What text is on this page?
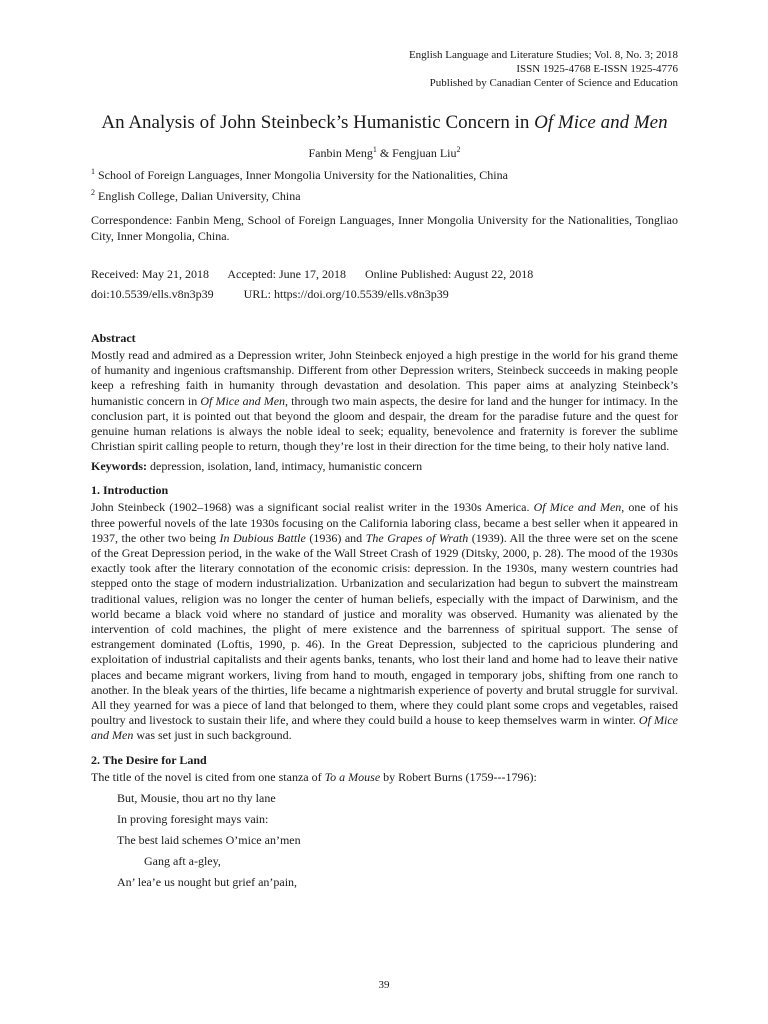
English Language and Literature Studies; Vol. 8, No. 3; 2018
ISSN 1925-4768 E-ISSN 1925-4776
Published by Canadian Center of Science and Education
An Analysis of John Steinbeck’s Humanistic Concern in Of Mice and Men
Fanbin Meng$^1$ & Fengjuan Liu$^2$
$^1$ School of Foreign Languages, Inner Mongolia University for the Nationalities, China
$^2$ English College, Dalian University, China
Correspondence: Fanbin Meng, School of Foreign Languages, Inner Mongolia University for the Nationalities, Tongliao City, Inner Mongolia, China.
Received: May 21, 2018 Accepted: June 17, 2018 Online Published: August 22, 2018
doi:10.5539/ells.v8n3p39	URL: https://doi.org/10.5539/ells.v8n3p39
Abstract

Mostly read and admired as a Depression writer, John Steinbeck enjoyed a high prestige in the world for his grand theme of humanity and ingenious craftsmanship. Different from other Depression writers, Steinbeck succeeds in making people keep a refreshing faith in humanity through devastation and desolation. This paper aims at analyzing Steinbeck’s humanistic concern in Of Mice and Men, through two main aspects, the desire for land and the hunger for intimacy. In the conclusion part, it is pointed out that beyond the gloom and despair, the dream for the paradise future and the quest for genuine human relations is always the noble ideal to seek; equality, benevolence and fraternity is forever the sublime Christian spirit calling people to return, though they’re lost in their direction for the time being, to their holy native land.

Keywords: depression, isolation, land, intimacy, humanistic concern
1. Introduction

John Steinbeck (1902–1968) was a significant social realist writer in the 1930s America. Of Mice and Men, one of his three powerful novels of the late 1930s focusing on the California laboring class, became a best seller when it appeared in 1937, the other two being In Dubious Battle (1936) and The Grapes of Wrath (1939). All the three were set on the scene of the Great Depression period, in the wake of the Wall Street Crash of 1929 (Ditsky, 2000, p. 28). The mood of the 1930s exactly took after the literary connotation of the economic crisis: depression. In the 1930s, many western countries had stepped onto the stage of modern industrialization. Urbanization and secularization had begun to subvert the mainstream traditional values, religion was no longer the center of human beliefs, especially with the impact of Darwinism, and the world became a black void where no standard of justice and morality was observed. Humanity was alienated by the intervention of cold machines, the plight of mere existence and the barrenness of spiritual support. The sense of estrangement dominated (Loftis, 1990, p. 46). In the Great Depression, subjected to the capricious plundering and exploitation of industrial capitalists and their agents banks, tenants, who lost their land and home had to leave their native places and became migrant workers, living from hand to mouth, engaged in temporary jobs, shifting from one ranch to another. In the bleak years of the thirties, life became a nightmarish experience of poverty and brutal struggle for survival. All they yearned for was a piece of land that belonged to them, where they could plant some crops and vegetables, raised poultry and livestock to sustain their life, and where they could build a house to keep themselves warm in winter. Of Mice and Men was set just in such background.

2. The Desire for Land

The title of the novel is cited from one stanza of To a Mouse by Robert Burns (1759---1796):

But, Mousie, thou art no thy lane
In proving foresight mays vain:
The best laid schemes O’mice an’men
Gang aft a-gley,
An’ lea’e us nought but grief an’pain,
39
